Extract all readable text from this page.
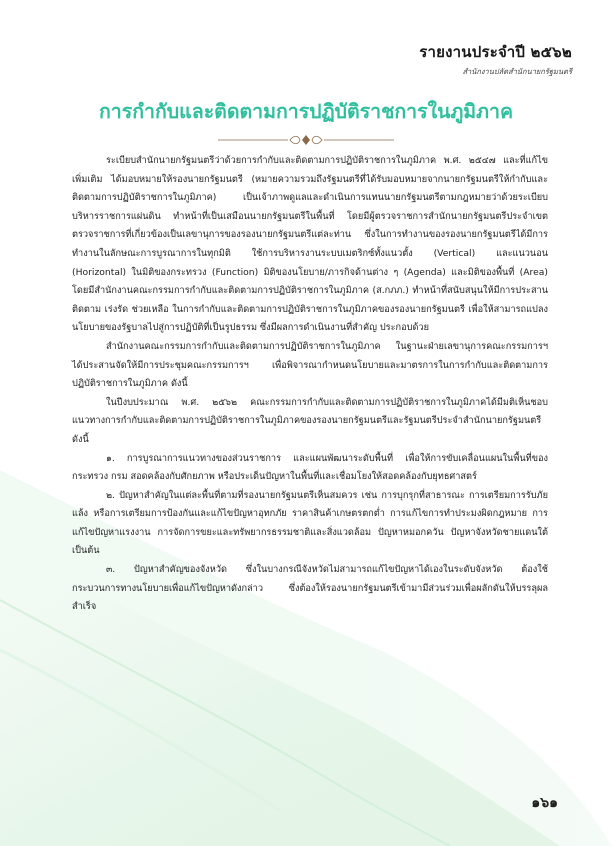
รายงานประจำปี ๒๕๖๒
สำนักงานปลัดสำนักนายกรัฐมนตรี
การกำกับและติดตามการปฏิบัติราชการในภูมิภาค

ระเบียบสำนักนายกรัฐมนตรีว่าด้วยการกำกับและติดตามการปฏิบัติราชการในภูมิภาค พ.ศ. ๒๕๔๗ และที่แก้ไขเพิ่มเติม ได้มอบหมายให้รองนายกรัฐมนตรี (หมายความรวมถึงรัฐมนตรีที่ได้รับมอบหมายจากนายกรัฐมนตรีให้กำกับและติดตามการปฏิบัติราชการในภูมิภาค) เป็นเจ้าภาพดูแลและดำเนินการแทนนายกรัฐมนตรีตามกฎหมายว่าด้วยระเบียบบริหารราชการแผ่นดิน ทำหน้าที่เป็นเสมือนนายกรัฐมนตรีในพื้นที่ โดยมีผู้ตรวจราชการสำนักนายกรัฐมนตรีประจำเขตตรวจราชการที่เกี่ยวข้องเป็นเลขานุการของรองนายกรัฐมนตรีแต่ละท่าน ซึ่งในการทำงานของรองนายกรัฐมนตรีได้มีการทำงานในลักษณะการบูรณาการในทุกมิติ ใช้การบริหารงานระบบเมตริกซ์ทั้งแนวตั้ง (Vertical) และแนวนอน (Horizontal) ในมิติของกระทรวง (Function) มิติของนโยบาย/ภารกิจด้านต่าง ๆ (Agenda) และมิติของพื้นที่ (Area) โดยมีสำนักงานคณะกรรมการกำกับและติดตามการปฏิบัติราชการในภูมิภาค (ส.กภภ.) ทำหน้าที่สนับสนุนให้มีการประสาน ติดตาม เร่งรัด ช่วยเหลือ ในการกำกับและติดตามการปฏิบัติราชการในภูมิภาคของรองนายกรัฐมนตรี เพื่อให้สามารถแปลงนโยบายของรัฐบาลไปสู่การปฏิบัติที่เป็นรูปธรรม ซึ่งมีผลการดำเนินงานที่สำคัญ ประกอบด้วย

สำนักงานคณะกรรมการกำกับและติดตามการปฏิบัติราชการในภูมิภาค ในฐานะฝ่ายเลขานุการคณะกรรมการฯ ได้ประสานจัดให้มีการประชุมคณะกรรมการฯ เพื่อพิจารณากำหนดนโยบายและมาตรการในการกำกับและติดตามการปฏิบัติราชการในภูมิภาค ดังนี้

ในปีงบประมาณ พ.ศ. ๒๕๖๒ คณะกรรมการกำกับและติดตามการปฏิบัติราชการในภูมิภาคได้มีมติเห็นชอบแนวทางการกำกับและติดตามการปฏิบัติราชการในภูมิภาคของรองนายกรัฐมนตรีและรัฐมนตรีประจำสำนักนายกรัฐมนตรี ดังนี้

๑. การบูรณาการแนวทางของส่วนราชการ และแผนพัฒนาระดับพื้นที่ เพื่อให้การขับเคลื่อนแผนในพื้นที่ของกระทรวง กรม สอดคล้องกับศักยภาพ หรือประเด็นปัญหาในพื้นที่และเชื่อมโยงให้สอดคล้องกับยุทธศาสตร์

๒. ปัญหาสำคัญในแต่ละพื้นที่ตามที่รองนายกรัฐมนตรีเห็นสมควร เช่น การบุกรุกที่สาธารณะ การเตรียมการรับภัยแล้ง หรือการเตรียมการป้องกันและแก้ไขปัญหาอุทกภัย ราคาสินค้าเกษตรตกต่ำ การแก้ไขการทำประมงผิดกฎหมาย การแก้ไขปัญหาแรงงาน การจัดการขยะและทรัพยากรธรรมชาติและสิ่งแวดล้อม ปัญหาหมอกควัน ปัญหาจังหวัดชายแดนใต้ เป็นต้น

๓. ปัญหาสำคัญของจังหวัด ซึ่งในบางกรณีจังหวัดไม่สามารถแก้ไขปัญหาได้เองในระดับจังหวัด ต้องใช้กระบวนการทางนโยบายเพื่อแก้ไขปัญหาดังกล่าว ซึ่งต้องให้รองนายกรัฐมนตรีเข้ามามีส่วนร่วมเพื่อผลักดันให้บรรลุผลสำเร็จ

๑๖๑
